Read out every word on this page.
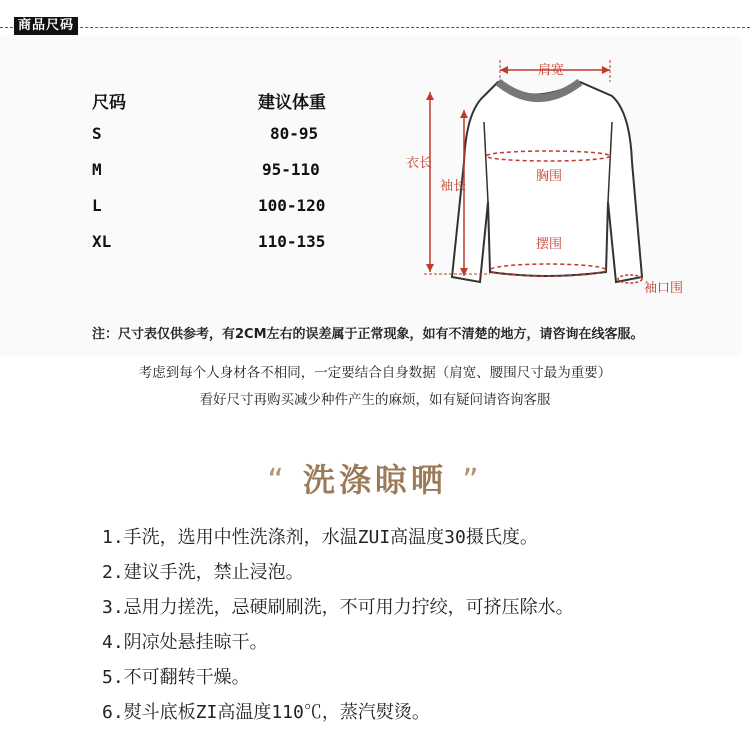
商品尺码
尺码	建议体重
S	80-95
M	95-110
L	100-120
XL	110-135
肩宽
衣长
袖长
胸围
摆围
袖口围
注：尺寸表仅供参考，有2CM左右的误差属于正常现象，如有不清楚的地方，请咨询在线客服。
考虑到每个人身材各不相同，一定要结合自身数据（肩宽、腰围尺寸最为重要）
看好尺寸再购买减少种件产生的麻烦，如有疑问请咨询客服
“ 洗涤晾晒 ”
1.手洗，选用中性洗涤剂，水温ZUI高温度30摄氏度。
2.建议手洗，禁止浸泡。
3.忌用力搓洗，忌硬刷刷洗，不可用力拧绞，可挤压除水。
4.阴凉处悬挂晾干。
5.不可翻转干燥。
6.熨斗底板ZI高温度110℃，蒸汽熨烫。
